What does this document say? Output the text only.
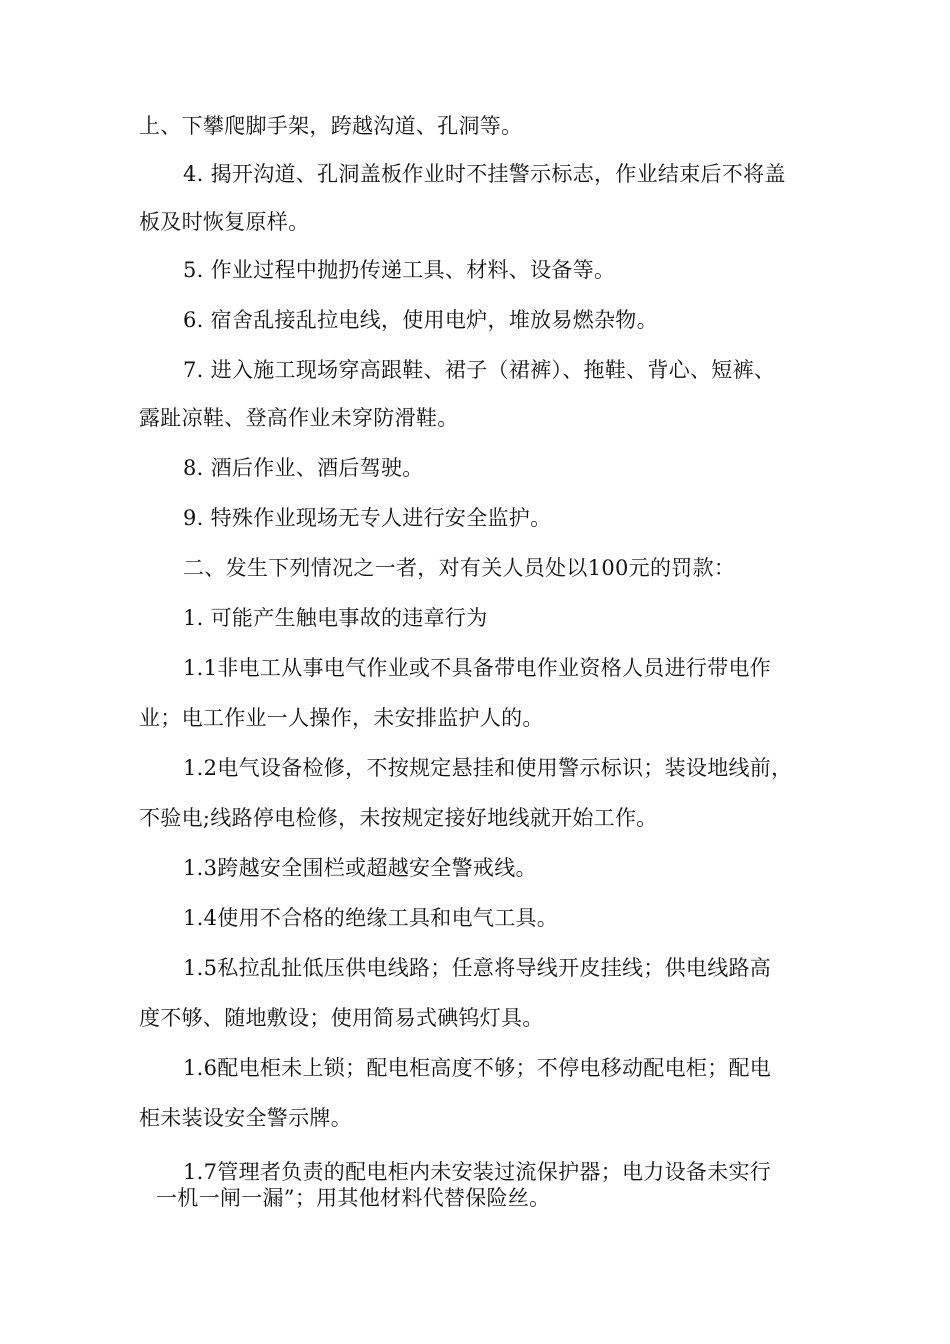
上、下攀爬脚手架，跨越沟道、孔洞等。
4. 揭开沟道、孔洞盖板作业时不挂警示标志，作业结束后不将盖
板及时恢复原样。
5. 作业过程中抛扔传递工具、材料、设备等。
6. 宿舍乱接乱拉电线，使用电炉，堆放易燃杂物。
7. 进入施工现场穿高跟鞋、裙子（裙裤）、拖鞋、背心、短裤、
露趾凉鞋、登高作业未穿防滑鞋。
8. 酒后作业、酒后驾驶。
9. 特殊作业现场无专人进行安全监护。
二、发生下列情况之一者，对有关人员处以100元的罚款：
1. 可能产生触电事故的违章行为
1.1非电工从事电气作业或不具备带电作业资格人员进行带电作
业；电工作业一人操作，未安排监护人的。
1.2电气设备检修，不按规定悬挂和使用警示标识；装设地线前，
不验电;线路停电检修，未按规定接好地线就开始工作。
1.3跨越安全围栏或超越安全警戒线。
1.4使用不合格的绝缘工具和电气工具。
1.5私拉乱扯低压供电线路；任意将导线开皮挂线；供电线路高
度不够、随地敷设；使用简易式碘钨灯具。
1.6配电柜未上锁；配电柜高度不够；不停电移动配电柜；配电
柜未装设安全警示牌。
1.7管理者负责的配电柜内未安装过流保护器；电力设备未实行
一机一闸一漏”；用其他材料代替保险丝。
